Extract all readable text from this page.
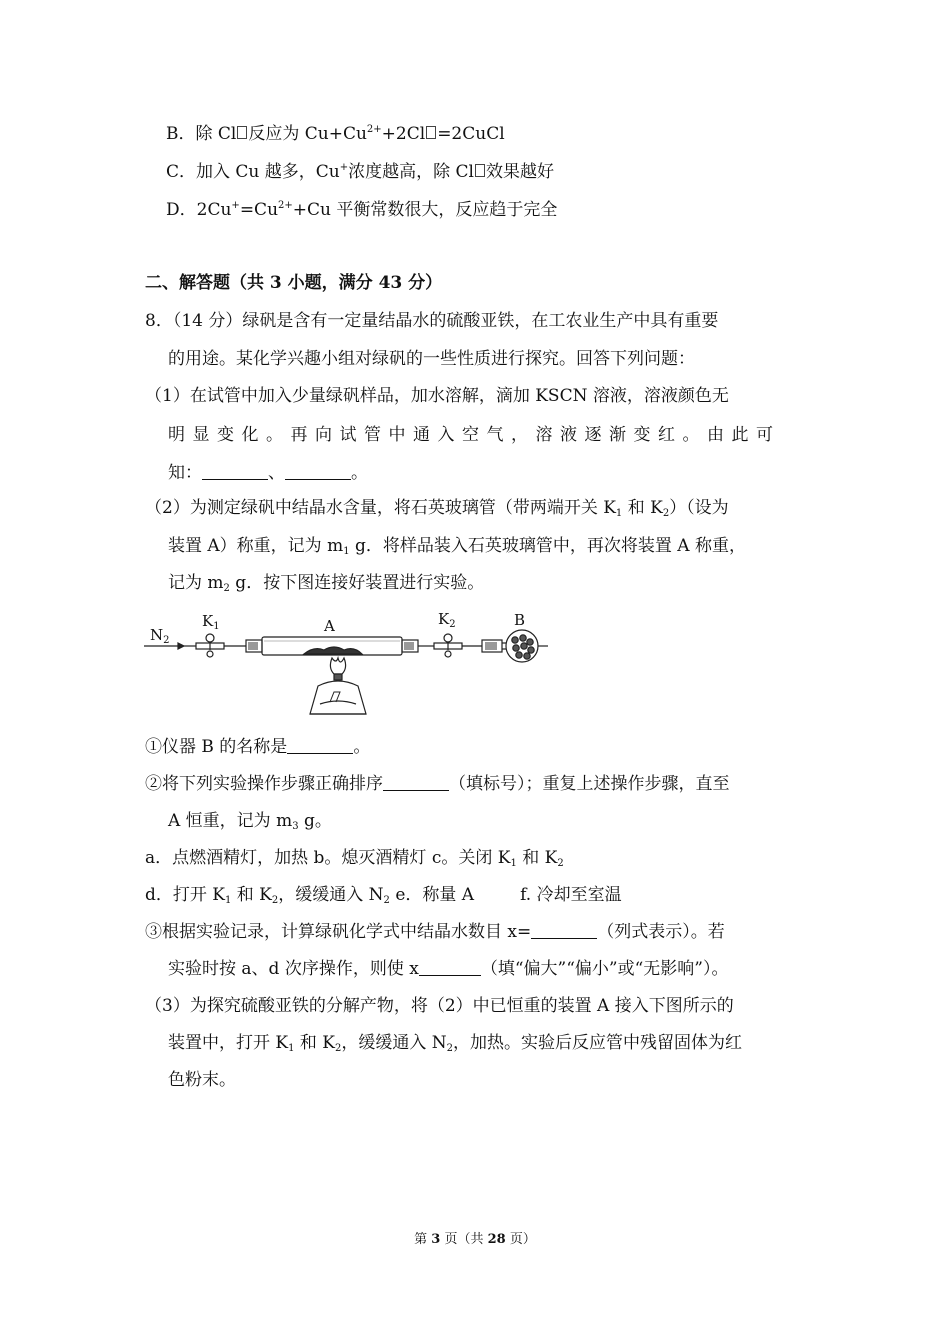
B．除 Cl 反应为 $Cu+Cu^{2+}+2Cl$ =2CuCl
C．加入 Cu 越多，Cu+浓度越高，除 Cl 效果越好
D．$2Cu^+=Cu^{2+}+Cu$ 平衡常数很大，反应趋于完全
二、解答题（共 3 小题，满分 43 分）
8．（14 分）绿矾是含有一定量结晶水的硫酸亚铁，在工农业生产中具有重要
的用途。某化学兴趣小组对绿矾的一些性质进行探究。回答下列问题：
（1）在试管中加入少量绿矾样品，加水溶解，滴加 KSCN 溶液，溶液颜色无
明显变化。再向试管中通入空气，溶液逐渐变红。由此可
知：	、	。
（2）为测定绿矾中结晶水含量，将石英玻璃管（带两端开关 $K_1$ 和 $K_2$）（设为
装置 A）称重，记为 $m_1$ g．将样品装入石英玻璃管中，再次将装置 A 称重，
记为 $m_2$ g．按下图连接好装置进行实验。
$N_2$
$K_1$	A	$K_2$	B
①仪器 B 的名称是	。
②将下列实验操作步骤正确排序	（填标号）；重复上述操作步骤，直至
A 恒重，记为 $m_3$ g。
a．点燃酒精灯，加热 b。熄灭酒精灯 c。关闭 $K_1$ 和 $K_2$
d．打开 $K_1$ 和 $K_2$，缓缓通入 $N_2$ e．称量 A	f. 冷却至室温
③根据实验记录，计算绿矾化学式中结晶水数目 x=	（列式表示）。若
实验时按 a、d 次序操作，则使 x	（填“偏大”“偏小”或“无影响”）。
（3）为探究硫酸亚铁的分解产物，将（2）中已恒重的装置 A 接入下图所示的
装置中，打开 $K_1$ 和 $K_2$，缓缓通入 $N_2$，加热。实验后反应管中残留固体为红
色粉末。
第 3 页（共 28 页）
